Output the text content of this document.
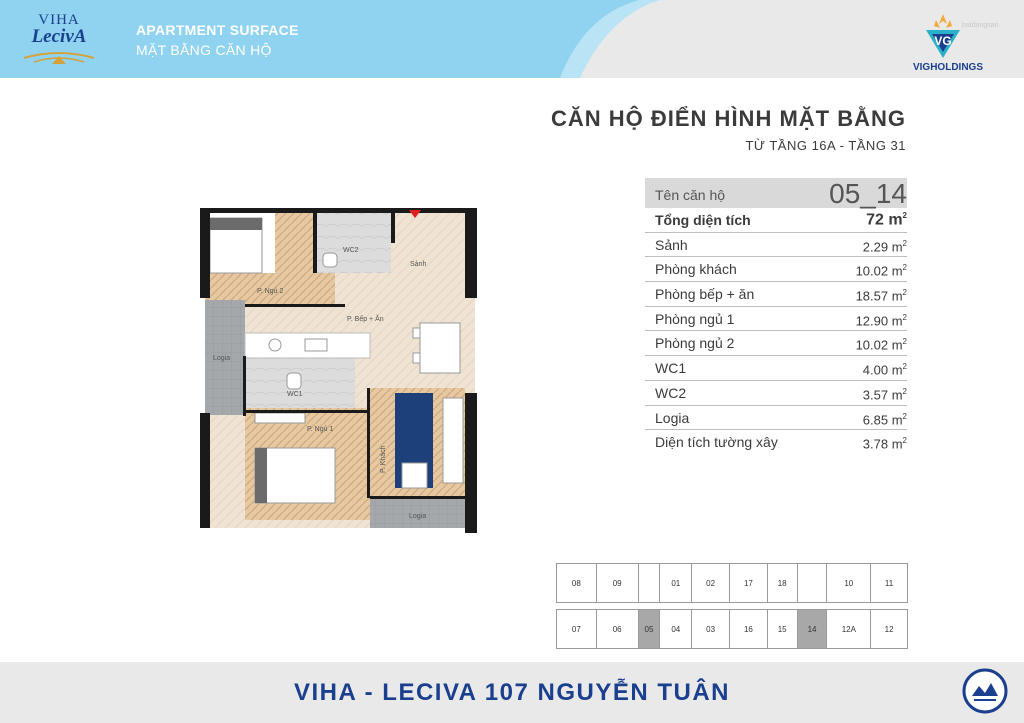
VIHA
LecivA	APARTMENT SURFACE
MẶT BẰNG CĂN HỘ
VG
VIGHOLDINGS
batdongsan
CĂN HỘ ĐIỂN HÌNH MẶT BẰNG
TỪ TẦNG 16A - TẦNG 31
Tên căn hộ	05_14
Tổng diện tích	72 $m^2$
Sảnh	2.29 $m^2$
Phòng khách	10.02 $m^2$
Phòng bếp + ăn	18.57 $m^2$
Phòng ngủ 1	12.90 $m^2$
Phòng ngủ 2	10.02 $m^2$
WC1	4.00 $m^2$
WC2	3.57 $m^2$
Logia	6.85 $m^2$
Diện tích tường xây	3.78 $m^2$
WC2
Sảnh
P. Ngủ 2
P. Bếp + Ăn
Logia
WC1
P. Ngủ 1
P. Khách
Logia
08	09	01	02	17	18	10	11
07	06	05	04	03	16	15	14	12A	12
VIHA - LECIVA 107 NGUYỄN TUÂN
